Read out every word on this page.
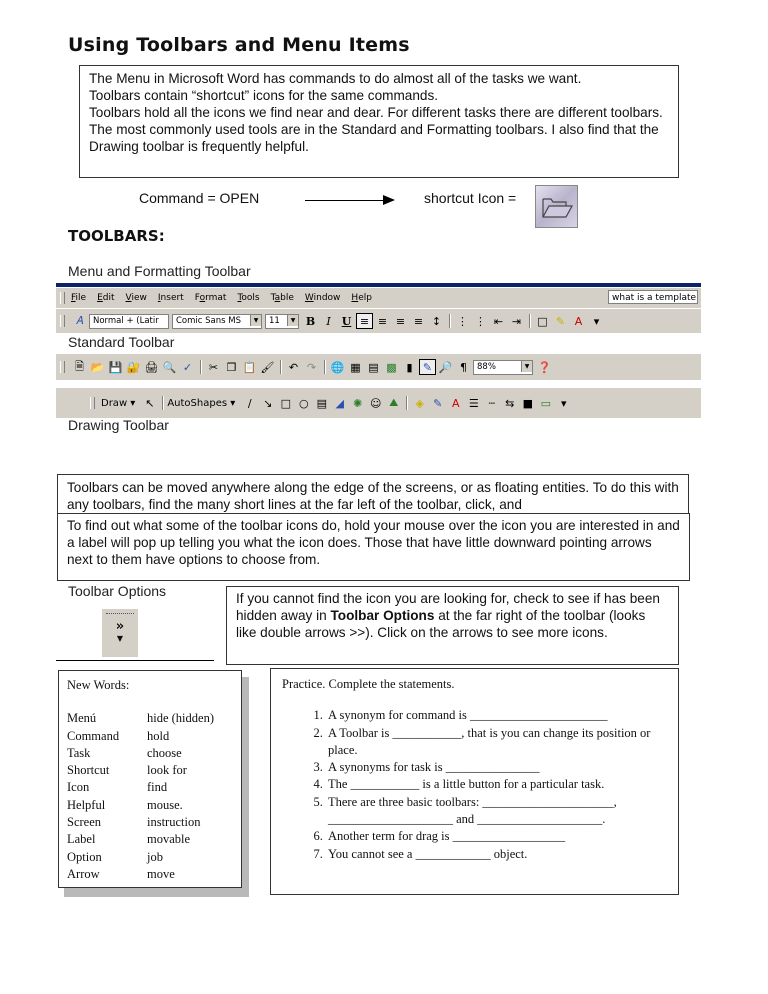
Using Toolbars and Menu Items

The Menu in Microsoft Word has commands to do almost all of the tasks we want.

Toolbars contain “shortcut” icons for the same commands.

Toolbars hold all the icons we find near and dear. For different tasks there are different toolbars. The most commonly used tools are in the Standard and Formatting toolbars. I also find that the Drawing toolbar is frequently helpful.

Command = OPEN	shortcut Icon =
TOOLBARS:
Menu and Formatting Toolbar
File Edit View Insert Format Tools Table Window Help	what is a template
𝐴	Normal + (Latir	Comic Sans MS	▼	11	▼ B	I	U ≡ ≡ ≡ ≡ ↕	⋮ ⋮ ⇤ ⇥	□ ✎ A	▾
Standard Toolbar
🗎 📂 💾 🔐 🖨 🔍 ✓	✂ ❐ 📋 🖌	↶ ↷	🌐 ▦ ▤ ▩ ▮ ✎ 🔎 ¶	88%	▼ ❓
Draw ▾ ↖	AutoShapes ▾	∕	↘ □ ○ ▤ ◢ ✺ ☺ ⛰	◈ ✎ A ☰ ┄ ⇆ ■ ▭ ▾
Drawing Toolbar
Toolbars can be moved anywhere along the edge of the screens, or as floating entities. To do this with any toolbars, find the many short lines at the far left of the toolbar, click, and
To find out what some of the toolbar icons do, hold your mouse over the icon you are interested in and a label will pop up telling you what the icon does. Those that have little downward pointing arrows next to them have options to choose from.
Toolbar Options
»
▼
If you cannot find the icon you are looking for, check to see if has been hidden away in Toolbar Options at the far right of the toolbar (looks like double arrows >>). Click on the arrows to see more icons.
New Words:
Menú	hide (hidden)
Command	hold
Task	choose
Shortcut	look for
Icon	find
Helpful	mouse.
Screen	instruction
Label	movable
Option	job
Arrow	move
Practice. Complete the statements.
1. A synonym for command is ______________________
2. A Toolbar is ___________, that is you can change its position or place.
3. A synonyms for task is _______________
4. The ___________ is a little button for a particular task.
5. There are three basic toolbars: _____________________, ____________________ and ____________________.
6. Another term for drag is __________________
7. You cannot see a ____________ object.
